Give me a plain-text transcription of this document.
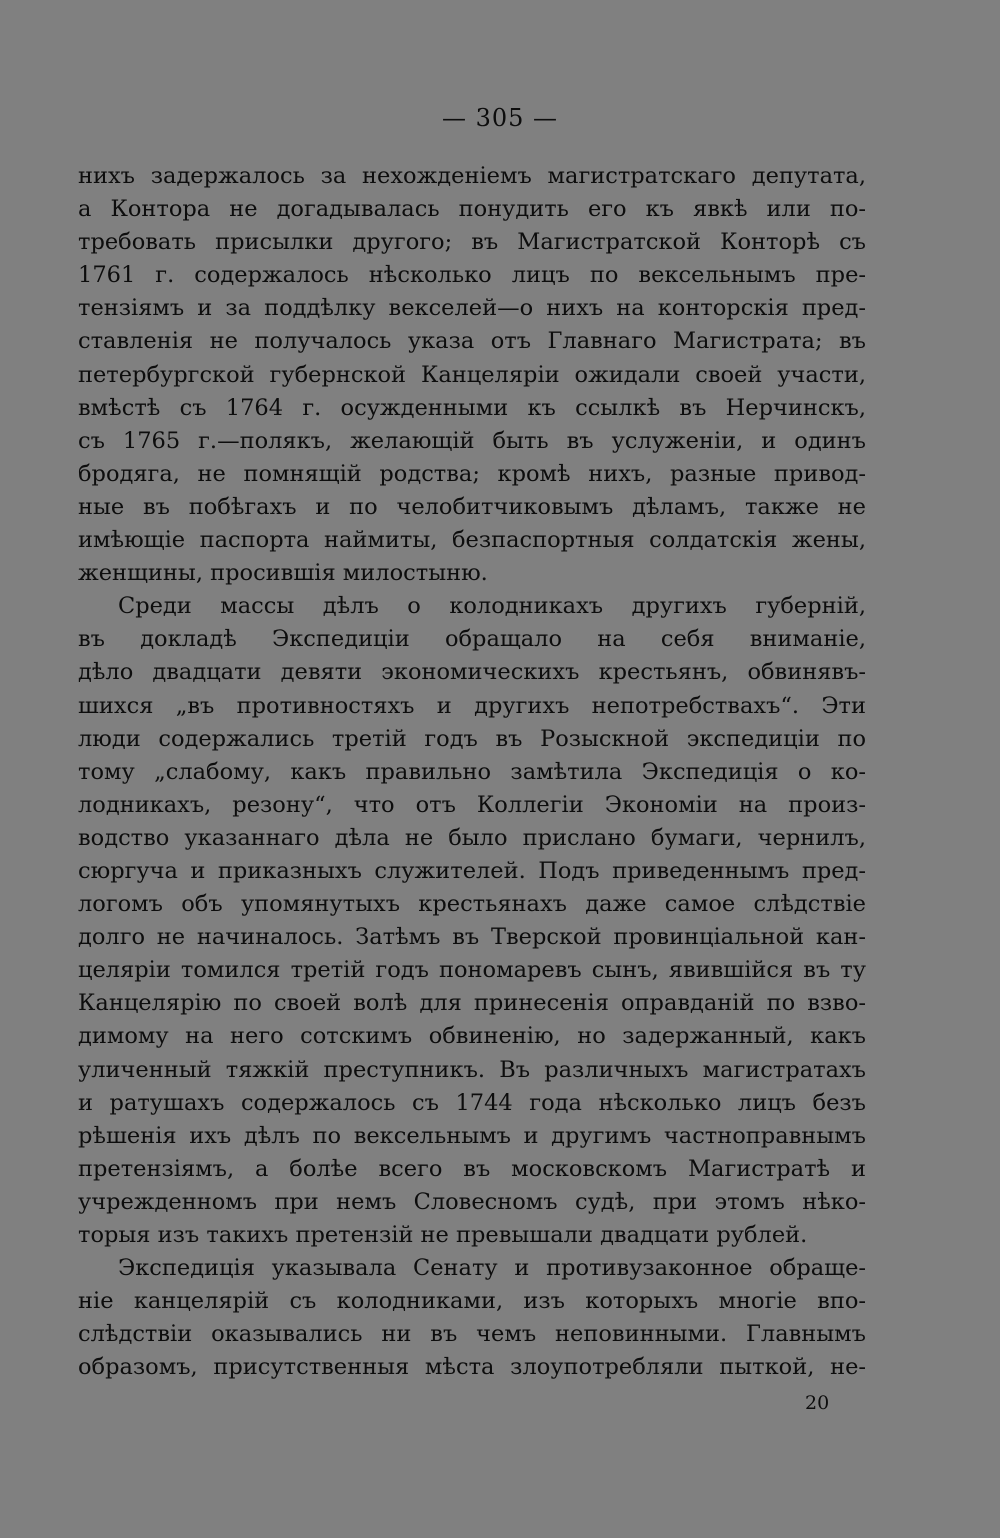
— 305 —
нихъ задержалось за нехожденіемъ магистратскаго депутата,
а Контора не догадывалась понудить его къ явкѣ или по-
требовать присылки другого; въ Магистратской Конторѣ съ
1761 г. содержалось нѣсколько лицъ по вексельнымъ пре-
тензіямъ и за поддѣлку векселей—о нихъ на конторскія пред-
ставленія не получалось указа отъ Главнаго Магистрата; въ
петербургской губернской Канцеляріи ожидали своей участи,
вмѣстѣ съ 1764 г. осужденными къ ссылкѣ въ Нерчинскъ,
съ 1765 г.—полякъ, желающій быть въ услуженіи, и одинъ
бродяга, не помнящій родства; кромѣ нихъ, разные привод-
ные въ побѣгахъ и по челобитчиковымъ дѣламъ, также не
имѣющіе паспорта наймиты, безпаспортныя солдатскія жены,
женщины, просившія милостыню.
Среди массы дѣлъ о колодникахъ другихъ губерній,
въ докладѣ Экспедиціи обращало на себя вниманіе,
дѣло двадцати девяти экономическихъ крестьянъ, обвинявъ-
шихся „въ противностяхъ и другихъ непотребствахъ“. Эти
люди содержались третій годъ въ Розыскной экспедиціи по
тому „слабому, какъ правильно замѣтила Экспедиція о ко-
лодникахъ, резону“, что отъ Коллегіи Экономіи на произ-
водство указаннаго дѣла не было прислано бумаги, чернилъ,
сюргуча и приказныхъ служителей. Подъ приведеннымъ пред-
логомъ объ упомянутыхъ крестьянахъ даже самое слѣдствіе
долго не начиналось. Затѣмъ въ Тверской провинціальной кан-
целяріи томился третій годъ пономаревъ сынъ, явившійся въ ту
Канцелярію по своей волѣ для принесенія оправданій по взво-
димому на него сотскимъ обвиненію, но задержанный, какъ
уличенный тяжкій преступникъ. Въ различныхъ магистратахъ
и ратушахъ содержалось съ 1744 года нѣсколько лицъ безъ
рѣшенія ихъ дѣлъ по вексельнымъ и другимъ частноправнымъ
претензіямъ, а болѣе всего въ московскомъ Магистратѣ и
учрежденномъ при немъ Словесномъ судѣ, при этомъ нѣко-
торыя изъ такихъ претензій не превышали двадцати рублей.
Экспедиція указывала Сенату и противузаконное обраще-
ніе канцелярій съ колодниками, изъ которыхъ многіе впо-
слѣдствіи оказывались ни въ чемъ неповинными. Главнымъ
образомъ, присутственныя мѣста злоупотребляли пыткой, не-
20
